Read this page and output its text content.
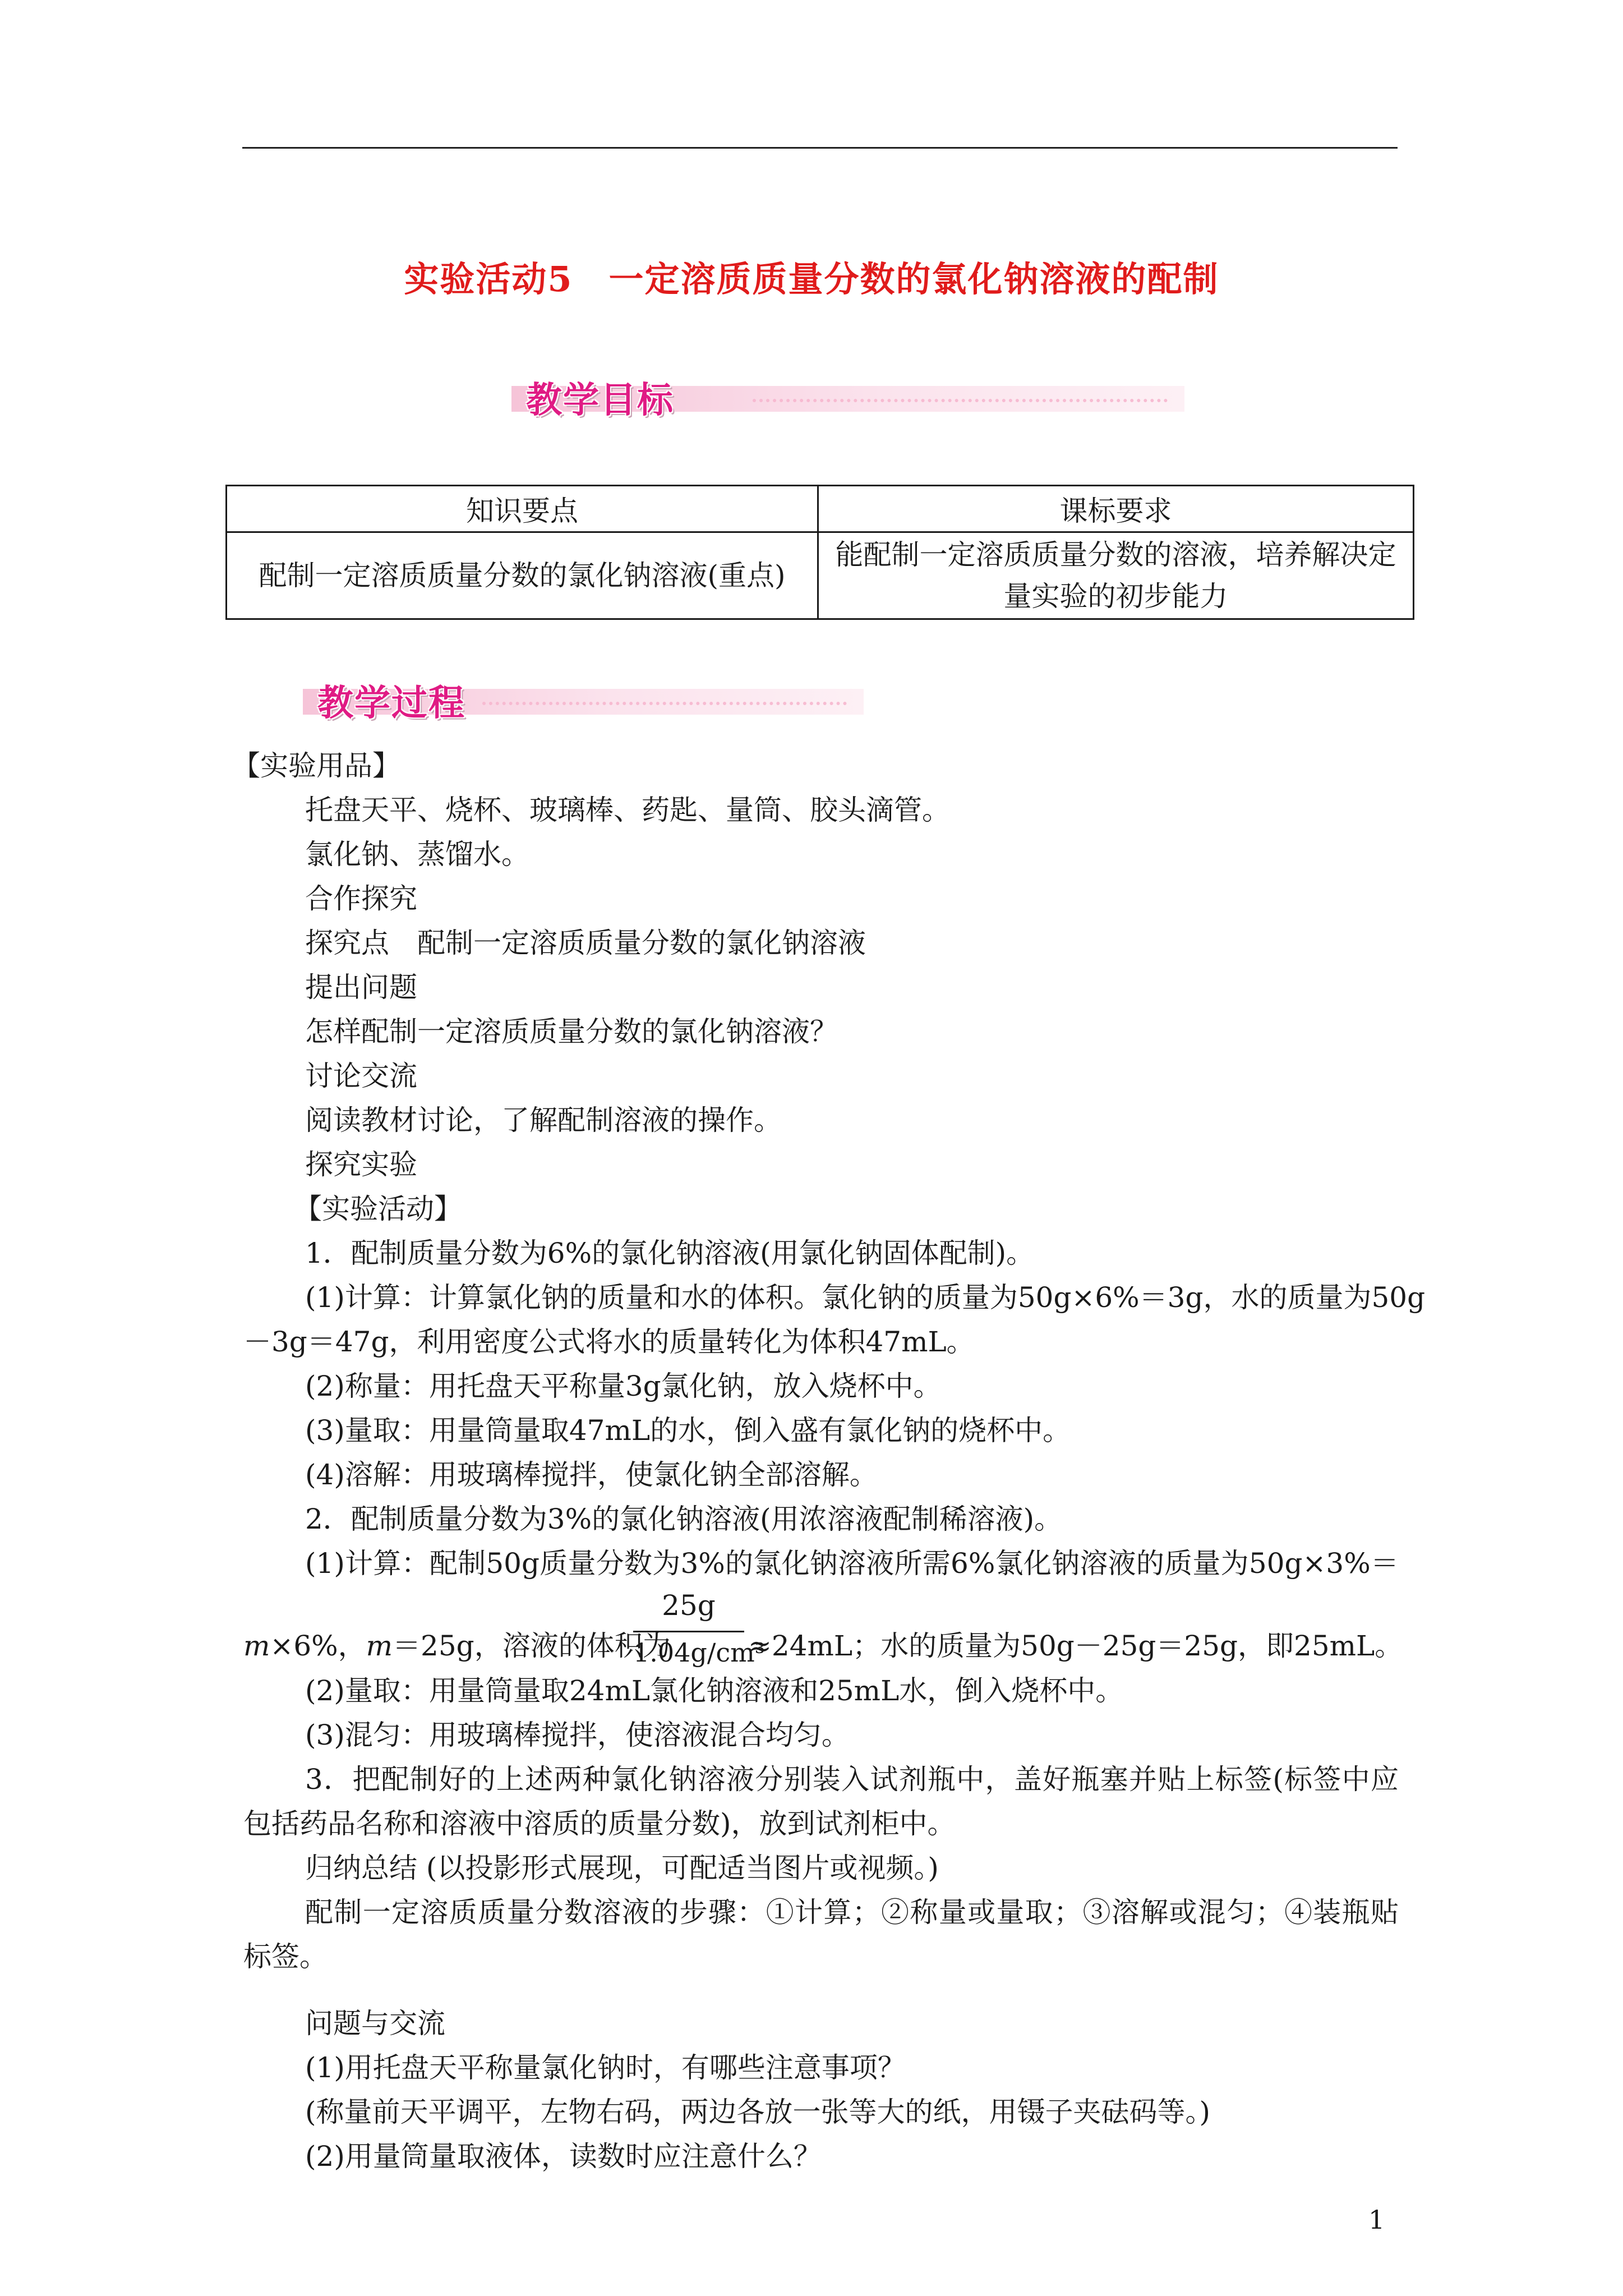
实验活动5　一定溶质质量分数的氯化钠溶液的配制
教学目标
知识要点	课标要求
配制一定溶质质量分数的氯化钠溶液(重点)	能配制一定溶质质量分数的溶液，培养解决定量实验的初步能力
教学过程
【实验用品】
托盘天平、烧杯、玻璃棒、药匙、量筒、胶头滴管。
氯化钠、蒸馏水。
合作探究
探究点　配制一定溶质质量分数的氯化钠溶液
提出问题
怎样配制一定溶质质量分数的氯化钠溶液？
讨论交流
阅读教材讨论，了解配制溶液的操作。
探究实验
【实验活动】
1．配制质量分数为6%的氯化钠溶液(用氯化钠固体配制)。
(1)计算：计算氯化钠的质量和水的体积。氯化钠的质量为50g×6%＝3g，水的质量为50g
－3g＝47g，利用密度公式将水的质量转化为体积47mL。
(2)称量：用托盘天平称量3g氯化钠，放入烧杯中。
(3)量取：用量筒量取47mL的水，倒入盛有氯化钠的烧杯中。
(4)溶解：用玻璃棒搅拌，使氯化钠全部溶解。
2．配制质量分数为3%的氯化钠溶液(用浓溶液配制稀溶液)。
(1)计算：配制50g质量分数为3%的氯化钠溶液所需6%氯化钠溶液的质量为50g×3%＝

m×6%，m＝25g，溶液的体积为

25g

1.04g/cm³

≈24mL；水的质量为50g－25g＝25g，即25mL。

(2)量取：用量筒量取24mL氯化钠溶液和25mL水，倒入烧杯中。
(3)混匀：用玻璃棒搅拌，使溶液混合均匀。
3．把配制好的上述两种氯化钠溶液分别装入试剂瓶中，盖好瓶塞并贴上标签(标签中应
包括药品名称和溶液中溶质的质量分数)，放到试剂柜中。
归纳总结 (以投影形式展现，可配适当图片或视频。)
配制一定溶质质量分数溶液的步骤：①计算；②称量或量取；③溶解或混匀；④装瓶贴
标签。
问题与交流
(1)用托盘天平称量氯化钠时，有哪些注意事项？
(称量前天平调平，左物右码，两边各放一张等大的纸，用镊子夹砝码等。)
(2)用量筒量取液体，读数时应注意什么？
1
